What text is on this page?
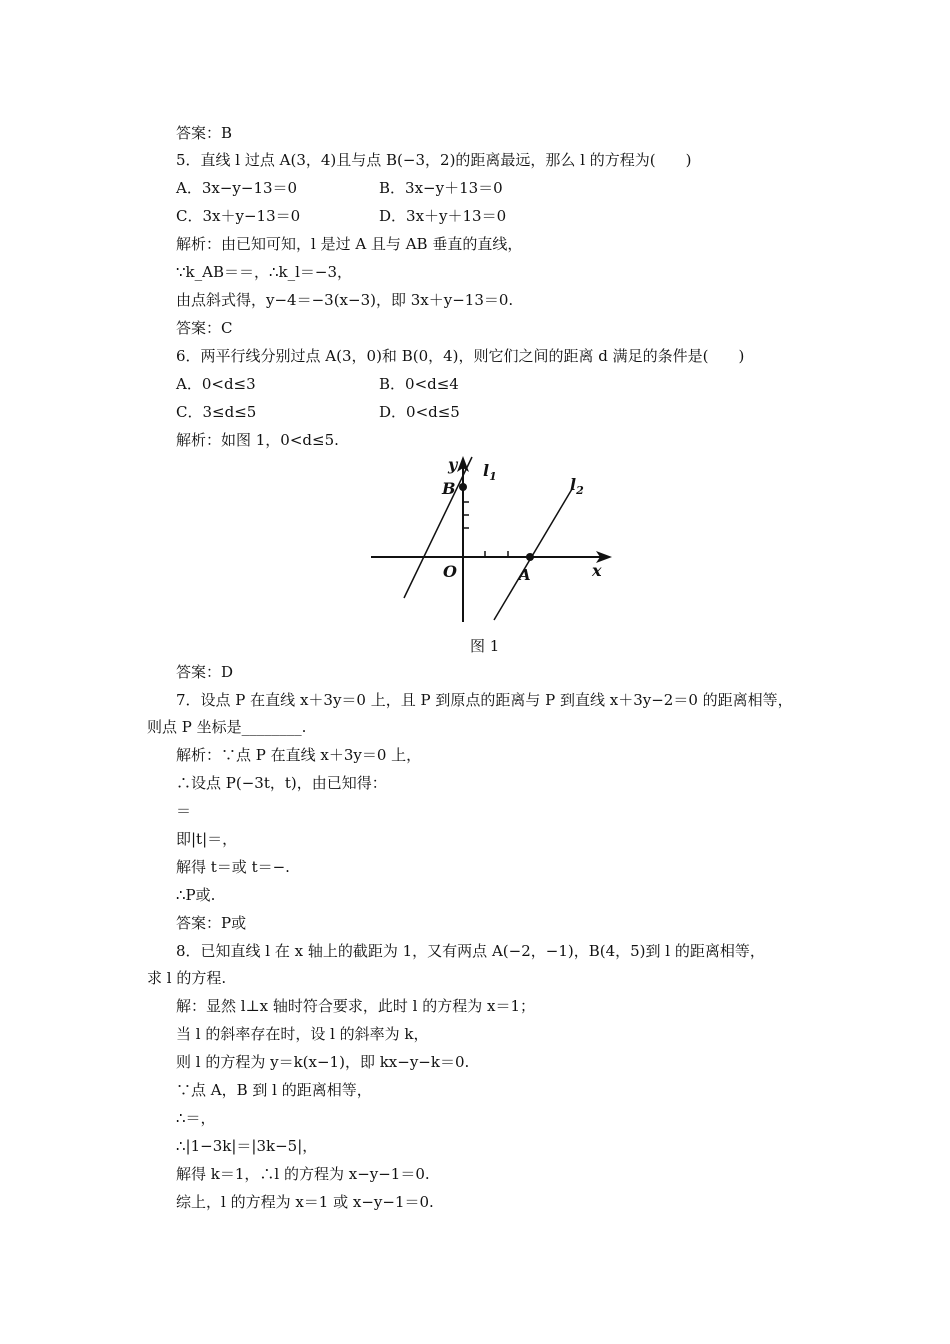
答案：B
5．直线 l 过点 A(3，4)且与点 B(−3，2)的距离最远，那么 l 的方程为(　　)
A．3x−y−13＝0	B．3x−y＋13＝0
C．3x＋y−13＝0	D．3x＋y＋13＝0
解析：由已知可知，l 是过 A 且与 AB 垂直的直线，
∵k_AB＝＝，∴k_l＝−3，
由点斜式得，y−4＝−3(x−3)，即 3x＋y−13＝0.
答案：C
6．两平行线分别过点 A(3，0)和 B(0，4)，则它们之间的距离 d 满足的条件是(　　)
A．0<d≤3	B．0<d≤4
C．3≤d≤5	D．0<d≤5
解析：如图 1，0<d≤5.
y $l_1$
B	$l_2$
O	A	x
图 1
答案：D
7．设点 P 在直线 x＋3y＝0 上，且 P 到原点的距离与 P 到直线 x＋3y−2＝0 的距离相等，
则点 P 坐标是________.
解析：∵点 P 在直线 x＋3y＝0 上，
∴设点 P(−3t，t)，由已知得：
＝
即|t|＝，
解得 t＝或 t＝−.
∴P或.
答案：P或
8．已知直线 l 在 x 轴上的截距为 1，又有两点 A(−2，−1)，B(4，5)到 l 的距离相等，
求 l 的方程.
解：显然 l⊥x 轴时符合要求，此时 l 的方程为 x＝1；
当 l 的斜率存在时，设 l 的斜率为 k，
则 l 的方程为 y＝k(x−1)，即 kx−y−k＝0.
∵点 A，B 到 l 的距离相等，
∴＝，
∴|1−3k|＝|3k−5|，
解得 k＝1，∴l 的方程为 x−y−1＝0.
综上，l 的方程为 x＝1 或 x−y−1＝0.
